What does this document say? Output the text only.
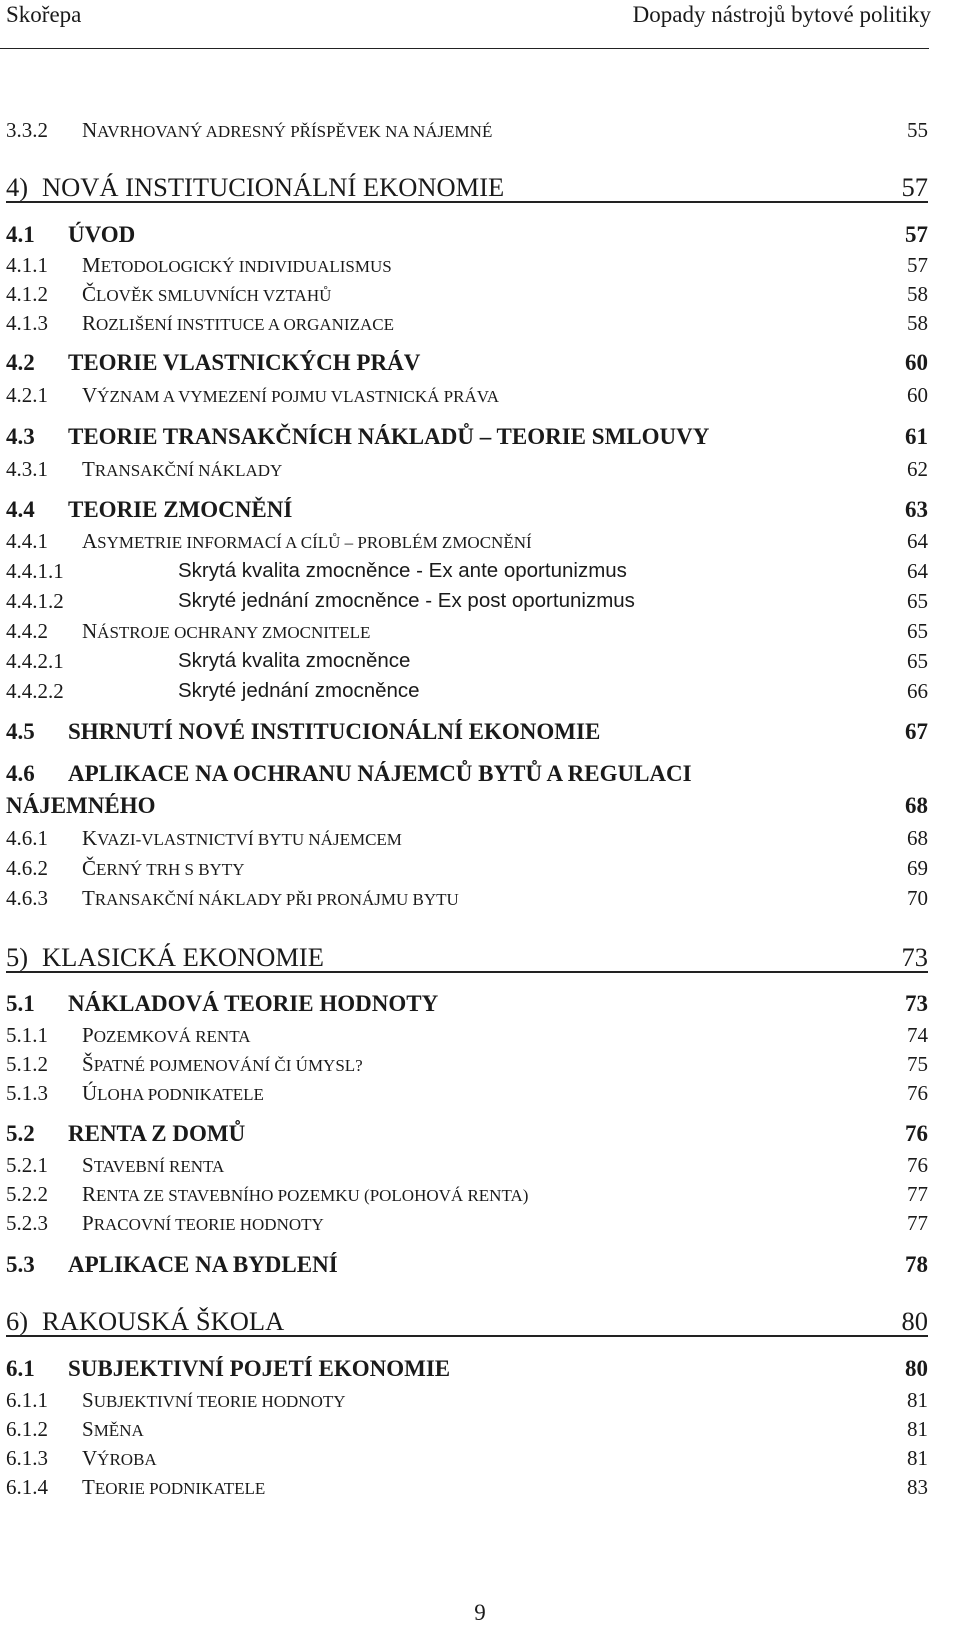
Skořepa	Dopady nástrojů bytové politiky
3.3.2 NAVRHOVANÝ ADRESNÝ PŘÍSPĚVEK NA NÁJEMNÉ	55
4) NOVÁ INSTITUCIONÁLNÍ EKONOMIE	57
4.1 ÚVOD	57
4.1.1 METODOLOGICKÝ INDIVIDUALISMUS	57
4.1.2 ČLOVĚK SMLUVNÍCH VZTAHŮ	58
4.1.3 ROZLIŠENÍ INSTITUCE A ORGANIZACE	58
4.2 TEORIE VLASTNICKÝCH PRÁV	60
4.2.1 VÝZNAM A VYMEZENÍ POJMU VLASTNICKÁ PRÁVA	60
4.3 TEORIE TRANSAKČNÍCH NÁKLADŮ – TEORIE SMLOUVY	61
4.3.1 TRANSAKČNÍ NÁKLADY	62
4.4 TEORIE ZMOCNĚNÍ	63
4.4.1 ASYMETRIE INFORMACÍ A CÍLŮ – PROBLÉM ZMOCNĚNÍ	64
4.4.1.1	Skrytá kvalita zmocněnce - Ex ante oportunizmus	64
4.4.1.2	Skryté jednání zmocněnce - Ex post oportunizmus	65
4.4.2 NÁSTROJE OCHRANY ZMOCNITELE	65
4.4.2.1	Skrytá kvalita zmocněnce	65
4.4.2.2	Skryté jednání zmocněnce	66
4.5 SHRNUTÍ NOVÉ INSTITUCIONÁLNÍ EKONOMIE	67
4.6 APLIKACE NA OCHRANU NÁJEMCŮ BYTŮ A REGULACI
NÁJEMNÉHO	68
4.6.1 KVAZI-VLASTNICTVÍ BYTU NÁJEMCEM	68
4.6.2 ČERNÝ TRH S BYTY	69
4.6.3 TRANSAKČNÍ NÁKLADY PŘI PRONÁJMU BYTU	70
5) KLASICKÁ EKONOMIE	73
5.1 NÁKLADOVÁ TEORIE HODNOTY	73
5.1.1 POZEMKOVÁ RENTA	74
5.1.2 ŠPATNÉ POJMENOVÁNÍ ČI ÚMYSL?	75
5.1.3 ÚLOHA PODNIKATELE	76
5.2 RENTA Z DOMŮ	76
5.2.1 STAVEBNÍ RENTA	76
5.2.2 RENTA ZE STAVEBNÍHO POZEMKU (POLOHOVÁ RENTA)	77
5.2.3 PRACOVNÍ TEORIE HODNOTY	77
5.3 APLIKACE NA BYDLENÍ	78
6) RAKOUSKÁ ŠKOLA	80
6.1 SUBJEKTIVNÍ POJETÍ EKONOMIE	80
6.1.1 SUBJEKTIVNÍ TEORIE HODNOTY	81
6.1.2 SMĚNA	81
6.1.3 VÝROBA	81
6.1.4 TEORIE PODNIKATELE	83
9
